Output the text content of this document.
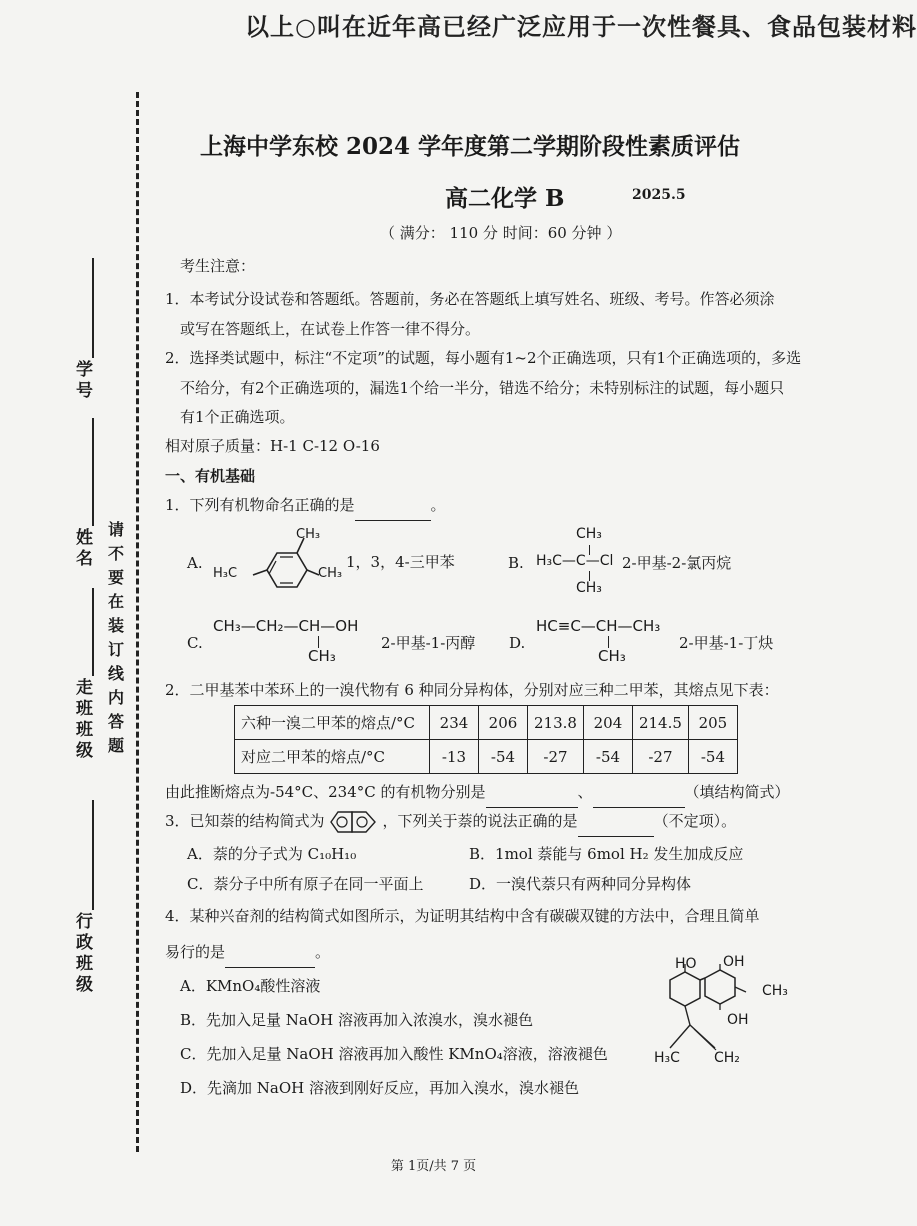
以上○叫在近年高已经广泛应用于一次性餐具、食品包装材料
学号
姓名
走班班级
行政班级
请
不
要
在
装
订
线
内
答
题
上海中学东校 2024 学年度第二学期阶段性素质评估
高二化学 B	2025.5
（ 满分： 110 分 时间：60 分钟 ）
考生注意：
1．本考试分设试卷和答题纸。答题前，务必在答题纸上填写姓名、班级、考号。作答必须涂
或写在答题纸上，在试卷上作答一律不得分。
2．选择类试题中，标注“不定项”的试题，每小题有1~2个正确选项，只有1个正确选项的，多选
不给分，有2个正确选项的，漏选1个给一半分，错选不给分；未特别标注的试题，每小题只
有1个正确选项。
相对原子质量：H-1 C-12 O-16
一、有机基础
1．下列有机物命名正确的是	。
A.
CH₃
H₃C	CH₃
1，3，4-三甲苯	B.
CH₃
H₃C—C—Cl
CH₃
2-甲基-2-氯丙烷
C.
CH₃—CH₂—CH—OH
CH₃
2-甲基-1-丙醇 D.
HC≡C—CH—CH₃
CH₃
2-甲基-1-丁炔
2．二甲基苯中苯环上的一溴代物有 6 种同分异构体，分别对应三种二甲苯，其熔点见下表：
六种一溴二甲苯的熔点/°C	234	206	213.8	204	214.5	205
对应二甲苯的熔点/°C	-13	-54	-27	-54	-27	-54
由此推断熔点为-54°C、234°C 的有机物分别是	、	（填结构简式）
3．已知萘的结构简式为	，下列关于萘的说法正确的是	（不定项）。
A．萘的分子式为 C₁₀H₁₀	B．1mol 萘能与 6mol H₂ 发生加成反应
C．萘分子中所有原子在同一平面上	D．一溴代萘只有两种同分异构体
4．某种兴奋剂的结构简式如图所示，为证明其结构中含有碳碳双键的方法中，合理且简单
易行的是	。
A．KMnO₄酸性溶液
B．先加入足量 NaOH 溶液再加入浓溴水，溴水褪色
C．先加入足量 NaOH 溶液再加入酸性 KMnO₄溶液，溶液褪色
D．先滴加 NaOH 溶液到刚好反应，再加入溴水，溴水褪色
HO OH
CH₃
OH
H₃C CH₂
第 1页/共 7 页
